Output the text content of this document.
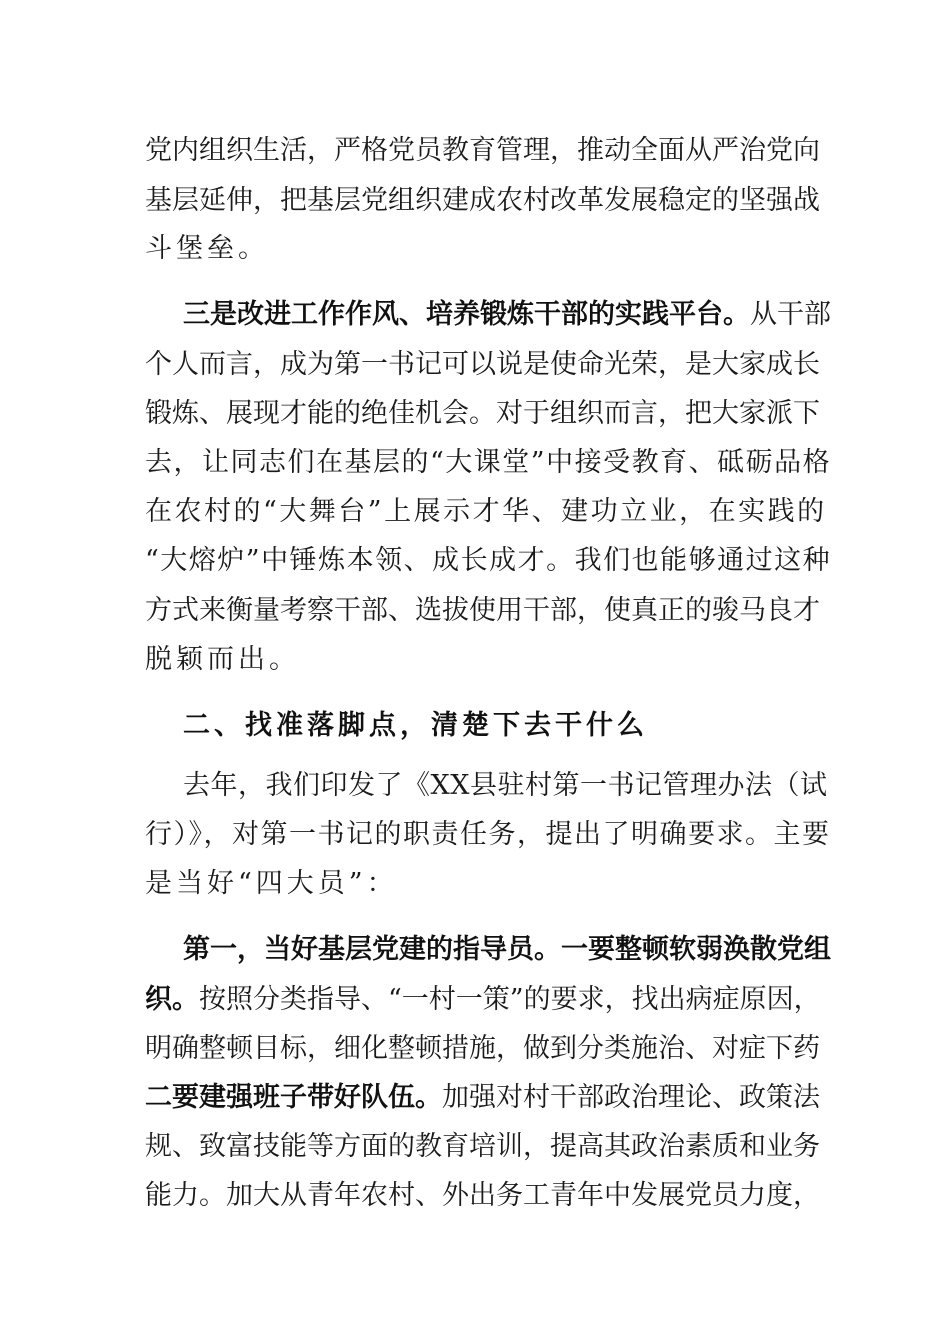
党内组织生活，严格党员教育管理，推动全面从严治党向
基层延伸，把基层党组织建成农村改革发展稳定的坚强战
斗堡垒。
三是改进工作作风、培养锻炼干部的实践平台。从干部
个人而言，成为第一书记可以说是使命光荣，是大家成长
锻炼、展现才能的绝佳机会。对于组织而言，把大家派下
去，让同志们在基层的“大课堂”中接受教育、砥砺品格
在农村的“大舞台”上展示才华、建功立业，在实践的
“大熔炉”中锤炼本领、成长成才。我们也能够通过这种
方式来衡量考察干部、选拔使用干部，使真正的骏马良才
脱颖而出。
二、找准落脚点，清楚下去干什么
去年，我们印发了《XX县驻村第一书记管理办法（试
行）》，对第一书记的职责任务，提出了明确要求。主要
是当好“四大员”：
第一，当好基层党建的指导员。一要整顿软弱涣散党组
织。按照分类指导、“一村一策”的要求，找出病症原因，
明确整顿目标，细化整顿措施，做到分类施治、对症下药
二要建强班子带好队伍。加强对村干部政治理论、政策法
规、致富技能等方面的教育培训，提高其政治素质和业务
能力。加大从青年农村、外出务工青年中发展党员力度，
